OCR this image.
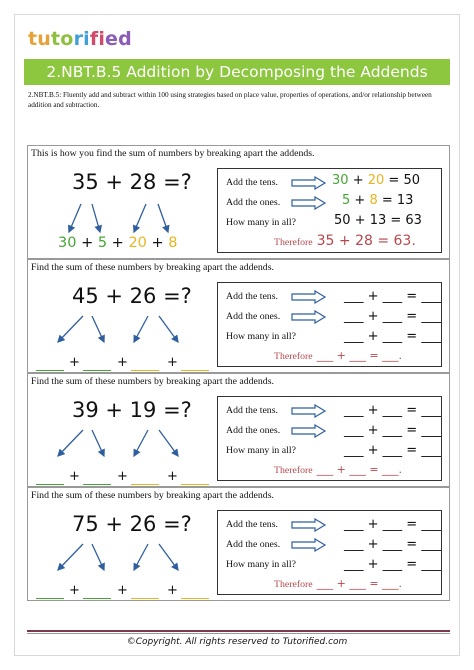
tutorified
2.NBT.B.5 Addition by Decomposing the Addends
2.NBT.B.5: Fluently add and subtract within 100 using strategies based on place value, properties of operations, and/or relationship between addition and subtraction.
This is how you find the sum of numbers by breaking apart the addends.
35 + 28 =?
30 + 5 + 20 + 8
Add the tens.	30 + 20 = 50
Add the ones.	5 + 8 = 13
How many in all?	50 + 13 = 63
Therefore 35 + 28 = 63.
Find the sum of these numbers by breaking apart the addends.
45 + 26 =?
+	+	+
Add the tens.	___ + ___ = ___
Add the ones.	___ + ___ = ___
How many in all?	___ + ___ = ___
Therefore ___ + ___ = ___.
Find the sum of these numbers by breaking apart the addends.
39 + 19 =?
+	+	+
Add the tens.	___ + ___ = ___
Add the ones.	___ + ___ = ___
How many in all?	___ + ___ = ___
Therefore ___ + ___ = ___.
Find the sum of these numbers by breaking apart the addends.
75 + 26 =?
+	+	+
Add the tens.	___ + ___ = ___
Add the ones.	___ + ___ = ___
How many in all?	___ + ___ = ___
Therefore ___ + ___ = ___.
©Copyright. All rights reserved to Tutorified.com
